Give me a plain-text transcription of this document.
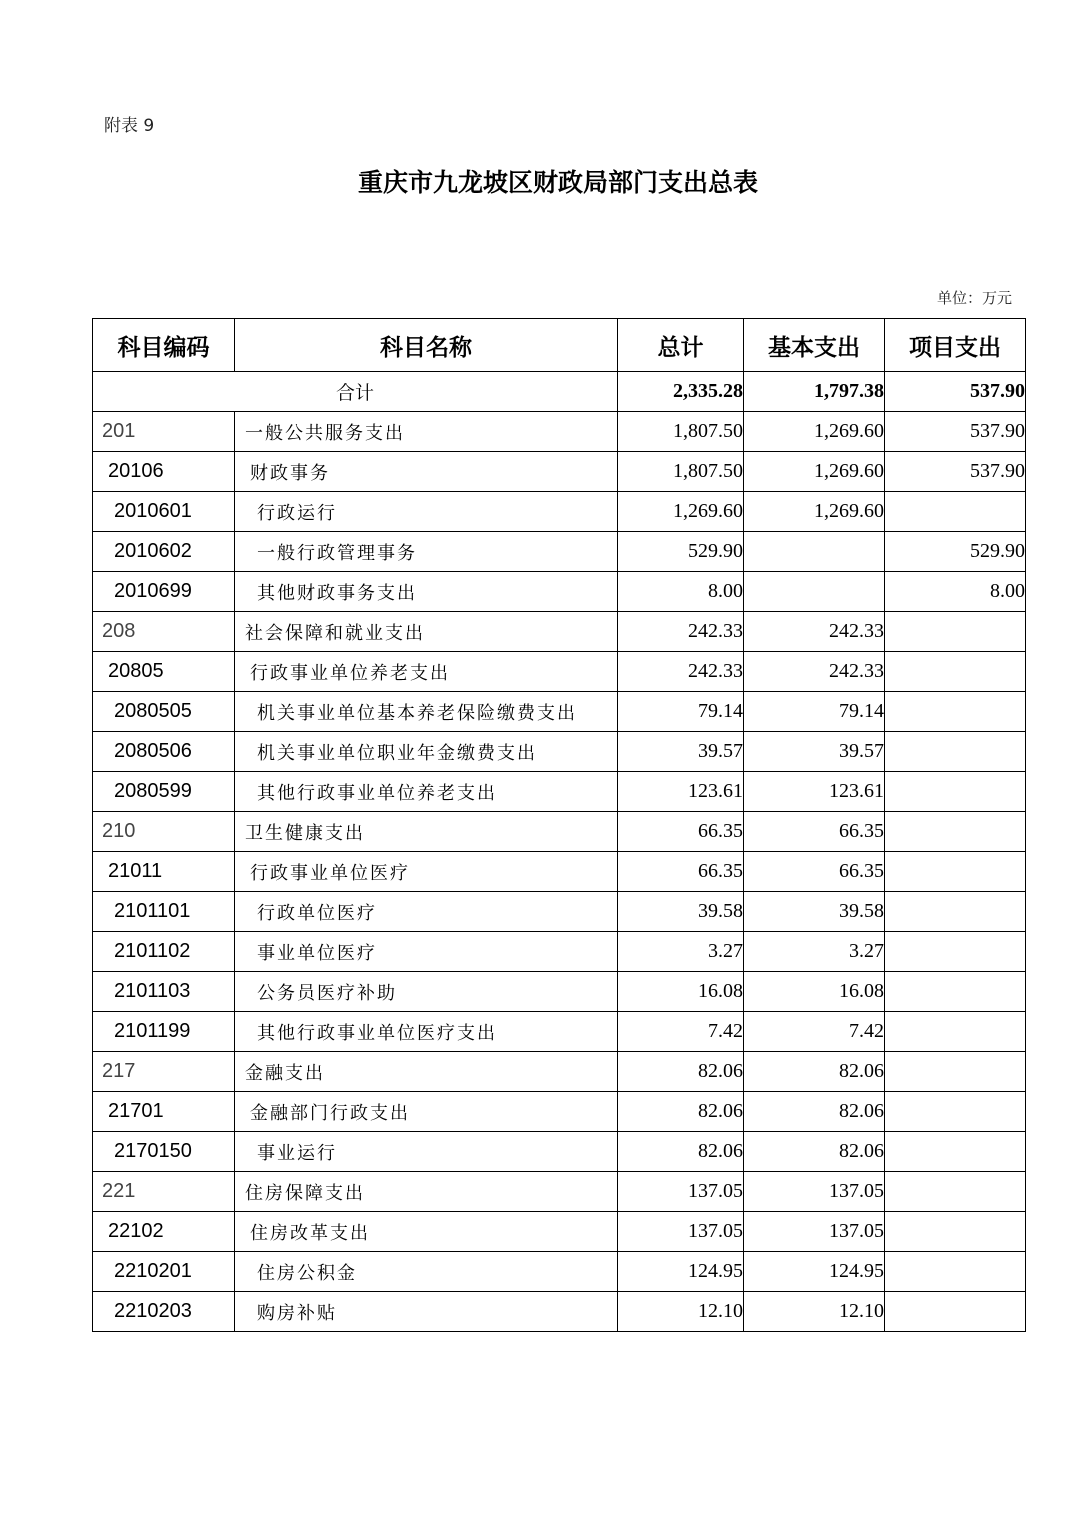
附表 9
重庆市九龙坡区财政局部门支出总表
单位：万元
科目编码	科目名称	总计	基本支出	项目支出
合计		2,335.28	1,797.38	537.90
201	一般公共服务支出	1,807.50	1,269.60	537.90
20106	财政事务	1,807.50	1,269.60	537.90
2010601	行政运行	1,269.60	1,269.60	
2010602	一般行政管理事务	529.90		529.90
2010699	其他财政事务支出	8.00		8.00
208	社会保障和就业支出	242.33	242.33	
20805	行政事业单位养老支出	242.33	242.33	
2080505	机关事业单位基本养老保险缴费支出	79.14	79.14	
2080506	机关事业单位职业年金缴费支出	39.57	39.57	
2080599	其他行政事业单位养老支出	123.61	123.61	
210	卫生健康支出	66.35	66.35	
21011	行政事业单位医疗	66.35	66.35	
2101101	行政单位医疗	39.58	39.58	
2101102	事业单位医疗	3.27	3.27	
2101103	公务员医疗补助	16.08	16.08	
2101199	其他行政事业单位医疗支出	7.42	7.42	
217	金融支出	82.06	82.06	
21701	金融部门行政支出	82.06	82.06	
2170150	事业运行	82.06	82.06	
221	住房保障支出	137.05	137.05	
22102	住房改革支出	137.05	137.05	
2210201	住房公积金	124.95	124.95	
2210203	购房补贴	12.10	12.10	
